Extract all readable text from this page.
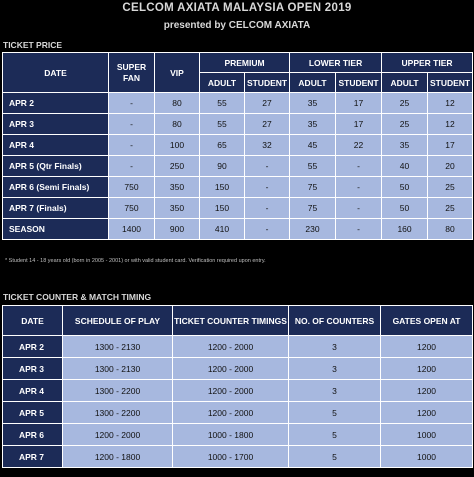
CELCOM AXIATA MALAYSIA OPEN 2019
presented by CELCOM AXIATA
TICKET PRICE
DATE	SUPER FAN	VIP	PREMIUM		LOWER TIER		UPPER TIER	
			ADULT	STUDENT	ADULT	STUDENT	ADULT	STUDENT
APR 2	-	80	55	27	35	17	25	12
APR 3	-	80	55	27	35	17	25	12
APR 4	-	100	65	32	45	22	35	17
APR 5 (Qtr Finals)	-	250	90	-	55	-	40	20
APR 6 (Semi Finals)	750	350	150	-	75	-	50	25
APR 7 (Finals)	750	350	150	-	75	-	50	25
SEASON	1400	900	410	-	230	-	160	80
* Student 14 - 18 years old (born in 2005 - 2001) or with valid student card. Verification required upon entry.
TICKET COUNTER & MATCH TIMING
DATE	SCHEDULE OF PLAY	TICKET COUNTER TIMINGS	NO. OF COUNTERS	GATES OPEN AT
APR 2	1300 - 2130	1200 - 2000	3	1200
APR 3	1300 - 2130	1200 - 2000	3	1200
APR 4	1300 - 2200	1200 - 2000	3	1200
APR 5	1300 - 2200	1200 - 2000	5	1200
APR 6	1200 - 2000	1000 - 1800	5	1000
APR 7	1200 - 1800	1000 - 1700	5	1000
